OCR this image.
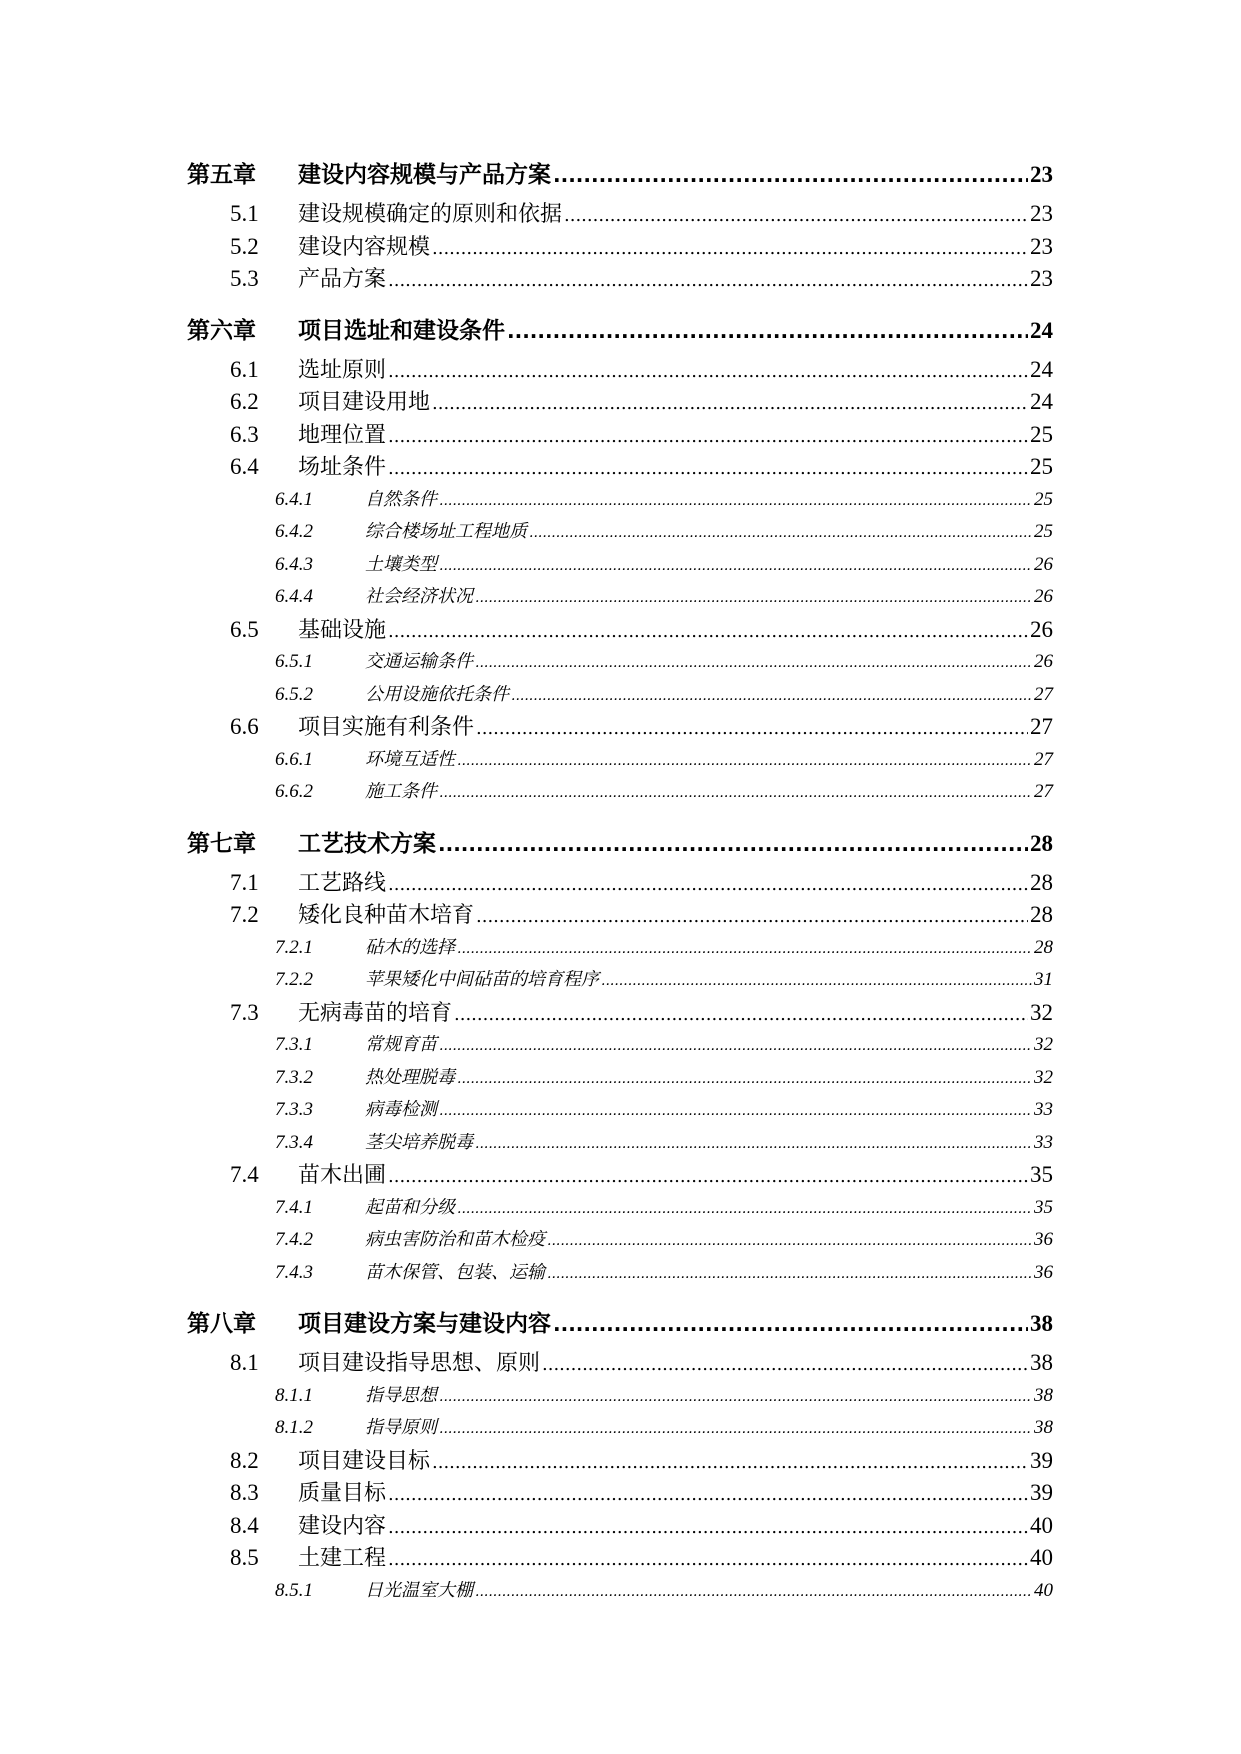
第五章	建设内容规模与产品方案 .....	23
5.1	建设规模确定的原则和依据 .....	23
5.2	建设内容规模 .....	23
5.3	产品方案 .....	23
第六章	项目选址和建设条件 .....	24
6.1	选址原则 .....	24
6.2	项目建设用地 .....	24
6.3	地理位置 .....	25
6.4	场址条件 .....	25
6.4.1	自然条件 .....	25
6.4.2	综合楼场址工程地质 .....	25
6.4.3	土壤类型 .....	26
6.4.4	社会经济状况 .....	26
6.5	基础设施 .....	26
6.5.1	交通运输条件 .....	26
6.5.2	公用设施依托条件 .....	27
6.6	项目实施有利条件 .....	27
6.6.1	环境互适性 .....	27
6.6.2	施工条件 .....	27
第七章	工艺技术方案 .....	28
7.1	工艺路线 .....	28
7.2	矮化良种苗木培育 .....	28
7.2.1	砧木的选择 .....	28
7.2.2	苹果矮化中间砧苗的培育程序 .....	31
7.3	无病毒苗的培育 .....	32
7.3.1	常规育苗 .....	32
7.3.2	热处理脱毒 .....	32
7.3.3	病毒检测 .....	33
7.3.4	茎尖培养脱毒 .....	33
7.4	苗木出圃 .....	35
7.4.1	起苗和分级 .....	35
7.4.2	病虫害防治和苗木检疫 .....	36
7.4.3	苗木保管、包装、运输 .....	36
第八章	项目建设方案与建设内容 .....	38
8.1	项目建设指导思想、原则 .....	38
8.1.1	指导思想 .....	38
8.1.2	指导原则 .....	38
8.2	项目建设目标 .....	39
8.3	质量目标 .....	39
8.4	建设内容 .....	40
8.5	土建工程 .....	40
8.5.1	日光温室大棚 .....	40
